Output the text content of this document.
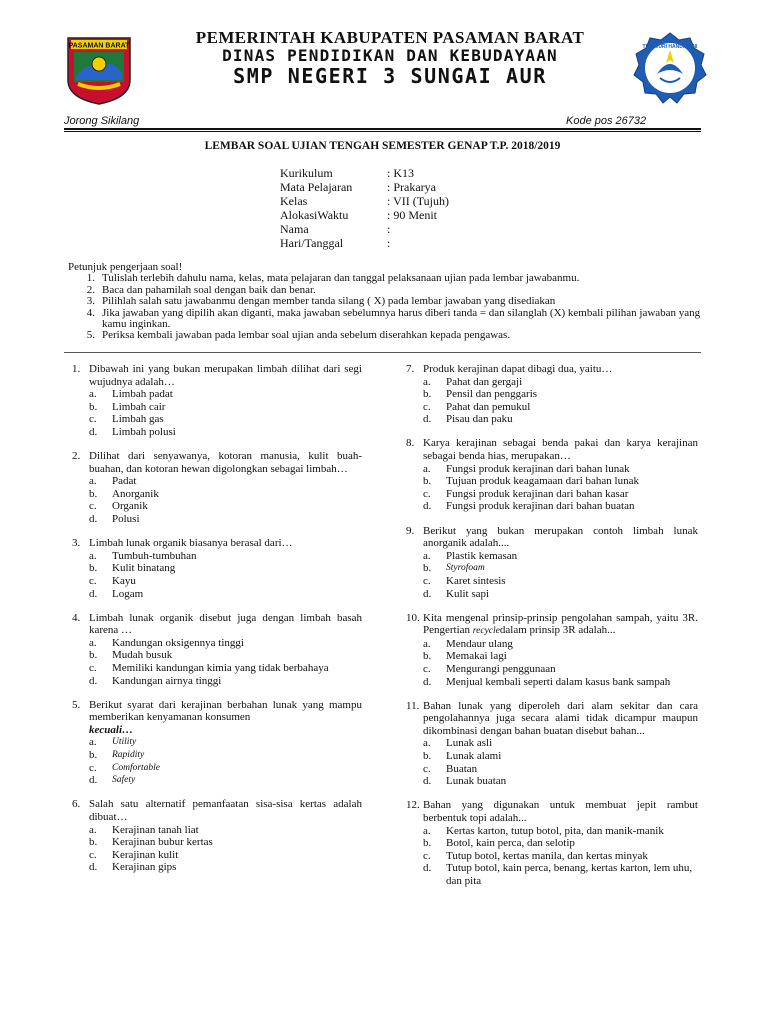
PASAMAN BARAT	TUT WURI HANDAYANI
PEMERINTAH KABUPATEN PASAMAN BARAT
DINAS PENDIDIKAN DAN KEBUDAYAAN
SMP NEGERI 3 SUNGAI AUR
Jorong Sikilang	Kode pos 26732
LEMBAR SOAL UJIAN TENGAH SEMESTER GENAP T.P. 2018/2019
Kurikulum	: K13
Mata Pelajaran	: Prakarya
Kelas	: VII (Tujuh)
AlokasiWaktu	: 90 Menit
Nama	:
Hari/Tanggal	:
Petunjuk pengerjaan soal!
1. Tulislah terlebih dahulu nama, kelas, mata pelajaran dan tanggal pelaksanaan ujian pada lembar jawabanmu.
2. Baca dan pahamilah soal dengan baik dan benar.
3. Pilihlah salah satu jawabanmu dengan member tanda silang ( X) pada lembar jawaban yang disediakan
4. Jika jawaban yang dipilih akan diganti, maka jawaban sebelumnya harus diberi tanda = dan silanglah (X) kembali pilihan jawaban yang kamu inginkan.
5. Periksa kembali jawaban pada lembar soal ujian anda sebelum diserahkan kepada pengawas.
1. Dibawah ini yang bukan merupakan limbah dilihat dari segi wujudnya adalah…
a.	Limbah padat
b.	Limbah cair
c.	Limbah gas
d.	Limbah polusi
2. Dilihat dari senyawanya, kotoran manusia, kulit buah-buahan, dan kotoran hewan digolongkan sebagai limbah…
a.	Padat
b.	Anorganik
c.	Organik
d.	Polusi
3. Limbah lunak organik biasanya berasal dari…
a.	Tumbuh-tumbuhan
b.	Kulit binatang
c.	Kayu
d.	Logam
4. Limbah lunak organik disebut juga dengan limbah basah karena …
a.	Kandungan oksigennya tinggi
b.	Mudah busuk
c.	Memiliki kandungan kimia yang tidak berbahaya
d.	Kandungan airnya tinggi
5. Berikut syarat dari kerajinan berbahan lunak yang mampu memberikan kenyamanan konsumen
kecuali…
a.	Utility
b.	Rapidity
c.	Comfortable
d.	Safety
6. Salah satu alternatif pemanfaatan sisa-sisa kertas adalah dibuat…
a.	Kerajinan tanah liat
b.	Kerajinan bubur kertas
c.	Kerajinan kulit
d.	Kerajinan gips
7. Produk kerajinan dapat dibagi dua, yaitu…
a.	Pahat dan gergaji
b.	Pensil dan penggaris
c.	Pahat dan pemukul
d.	Pisau dan paku
8. Karya kerajinan sebagai benda pakai dan karya kerajinan sebagai benda hias, merupakan…
a.	Fungsi produk kerajinan dari bahan lunak
b.	Tujuan produk keagamaan dari bahan lunak
c.	Fungsi produk kerajinan dari bahan kasar
d.	Fungsi produk kerajinan dari bahan buatan
9. Berikut yang bukan merupakan contoh limbah lunak anorganik adalah....
a.	Plastik kemasan
b.	Styrofoam
c.	Karet sintesis
d.	Kulit sapi
10. Kita mengenal prinsip-prinsip pengolahan sampah, yaitu 3R. Pengertian recycledalam prinsip 3R adalah...
a.	Mendaur ulang
b.	Memakai lagi
c.	Mengurangi penggunaan
d.	Menjual kembali seperti dalam kasus bank sampah
11. Bahan lunak yang diperoleh dari alam sekitar dan cara pengolahannya juga secara alami tidak dicampur maupun dikombinasi dengan bahan buatan disebut bahan...
a.	Lunak asli
b.	Lunak alami
c.	Buatan
d.	Lunak buatan
12. Bahan yang digunakan untuk membuat jepit rambut berbentuk topi adalah...
a.	Kertas karton, tutup botol, pita, dan manik-manik
b.	Botol, kain perca, dan selotip
c.	Tutup botol, kertas manila, dan kertas minyak
d.	Tutup botol, kain perca, benang, kertas karton, lem uhu, dan pita
